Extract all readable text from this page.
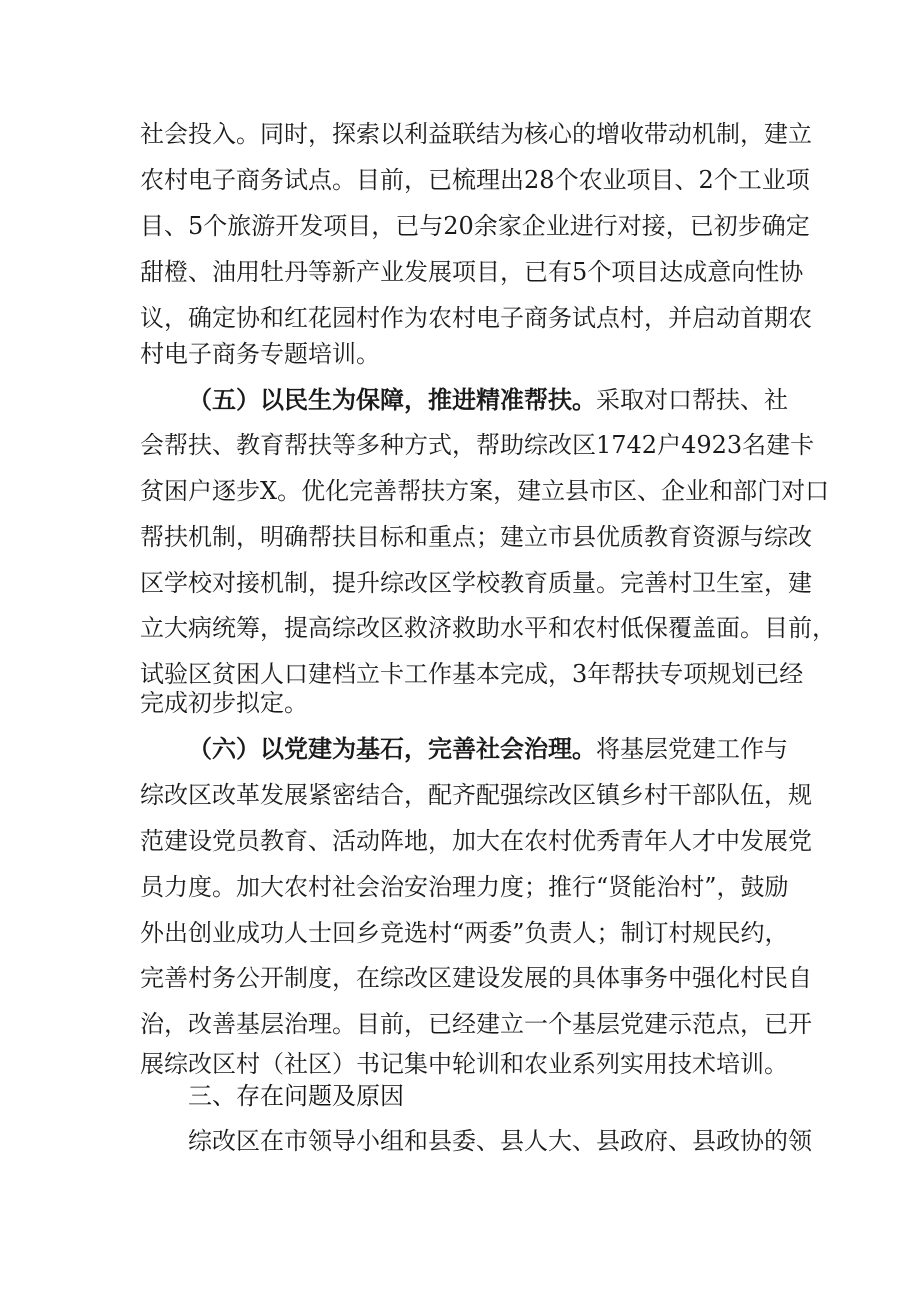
社会投入。同时，探索以利益联结为核心的增收带动机制，建立
农村电子商务试点。目前，已梳理出28个农业项目、2个工业项
目、5个旅游开发项目，已与20余家企业进行对接，已初步确定
甜橙、油用牡丹等新产业发展项目，已有5个项目达成意向性协
议，确定协和红花园村作为农村电子商务试点村，并启动首期农
村电子商务专题培训。
（五）以民生为保障，推进精准帮扶。采取对口帮扶、社
会帮扶、教育帮扶等多种方式，帮助综改区1742户4923名建卡
贫困户逐步X。优化完善帮扶方案，建立县市区、企业和部门对口
帮扶机制，明确帮扶目标和重点；建立市县优质教育资源与综改
区学校对接机制，提升综改区学校教育质量。完善村卫生室，建
立大病统筹，提高综改区救济救助水平和农村低保覆盖面。目前，
试验区贫困人口建档立卡工作基本完成，3年帮扶专项规划已经
完成初步拟定。
（六）以党建为基石，完善社会治理。将基层党建工作与
综改区改革发展紧密结合，配齐配强综改区镇乡村干部队伍，规
范建设党员教育、活动阵地，加大在农村优秀青年人才中发展党
员力度。加大农村社会治安治理力度；推行“贤能治村”，鼓励
外出创业成功人士回乡竞选村“两委”负责人；制订村规民约，
完善村务公开制度，在综改区建设发展的具体事务中强化村民自
治，改善基层治理。目前，已经建立一个基层党建示范点，已开
展综改区村（社区）书记集中轮训和农业系列实用技术培训。
三、存在问题及原因
综改区在市领导小组和县委、县人大、县政府、县政协的领
